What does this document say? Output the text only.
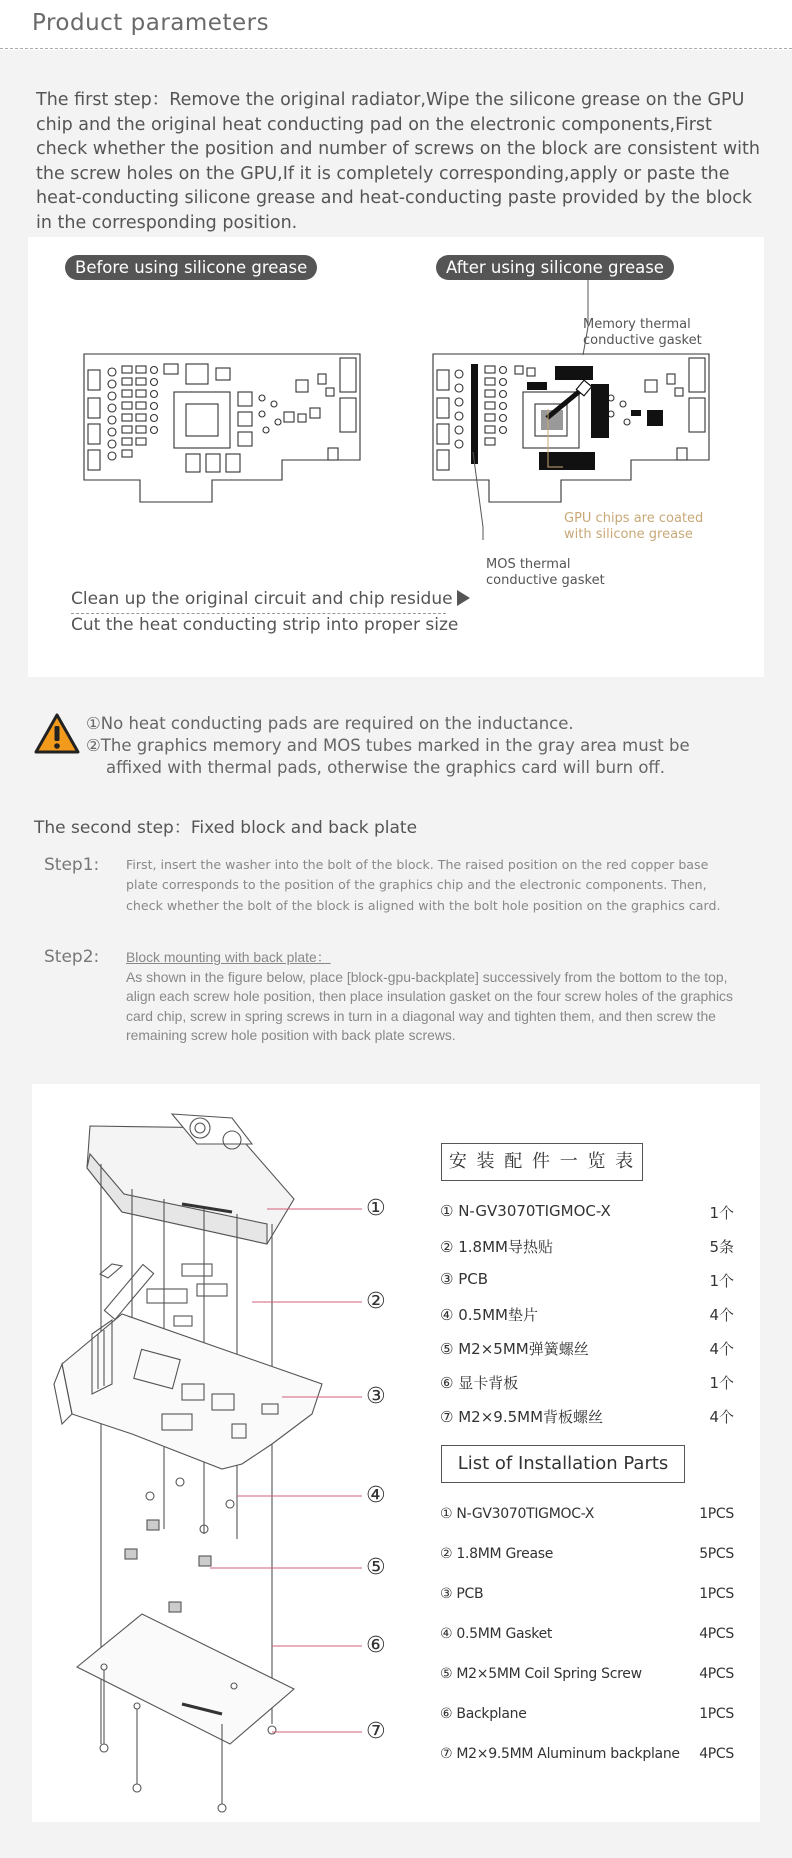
Product parameters
The first step：Remove the original radiator,Wipe the silicone grease on the GPU chip and the original heat conducting pad on the electronic components,First check whether the position and number of screws on the block are consistent with the screw holes on the GPU,If it is completely corresponding,apply or paste the heat-conducting silicone grease and heat-conducting paste provided by the block in the corresponding position.
Before using silicone grease	After using silicone grease
Memory thermal
conductive gasket
GPU chips are coated
with silicone grease
MOS thermal
conductive gasket
Clean up the original circuit and chip residue
Cut the heat conducting strip into proper size
①No heat conducting pads are required on the inductance.
②The graphics memory and MOS tubes marked in the gray area must be
affixed with thermal pads, otherwise the graphics card will burn off.
The second step：Fixed block and back plate
Step1: First, insert the washer into the bolt of the block. The raised position on the red copper base plate corresponds to the position of the graphics chip and the electronic components. Then, check whether the bolt of the block is aligned with the bolt hole position on the graphics card.
Step2: Block mounting with back plate：
As shown in the figure below, place [block-gpu-backplate] successively from the bottom to the top, align each screw hole position, then place insulation gasket on the four screw holes of the graphics card chip, screw in spring screws in turn in a diagonal way and tighten them, and then screw the remaining screw hole position with back plate screws.
①
②
③
④
⑤
⑥
⑦
安 装 配 件 一 览 表
① N-GV3070TIGMOC-X	1个
② 1.8MM导热贴	5条
③ PCB	1个
④ 0.5MM垫片	4个
⑤ M2×5MM弹簧螺丝	4个
⑥ 显卡背板	1个
⑦ M2×9.5MM背板螺丝	4个
List of Installation Parts
① N-GV3070TIGMOC-X	1PCS
② 1.8MM Grease	5PCS
③ PCB	1PCS
④ 0.5MM Gasket	4PCS
⑤ M2×5MM Coil Spring Screw	4PCS
⑥ Backplane	1PCS
⑦ M2×9.5MM Aluminum backplane 4PCS
